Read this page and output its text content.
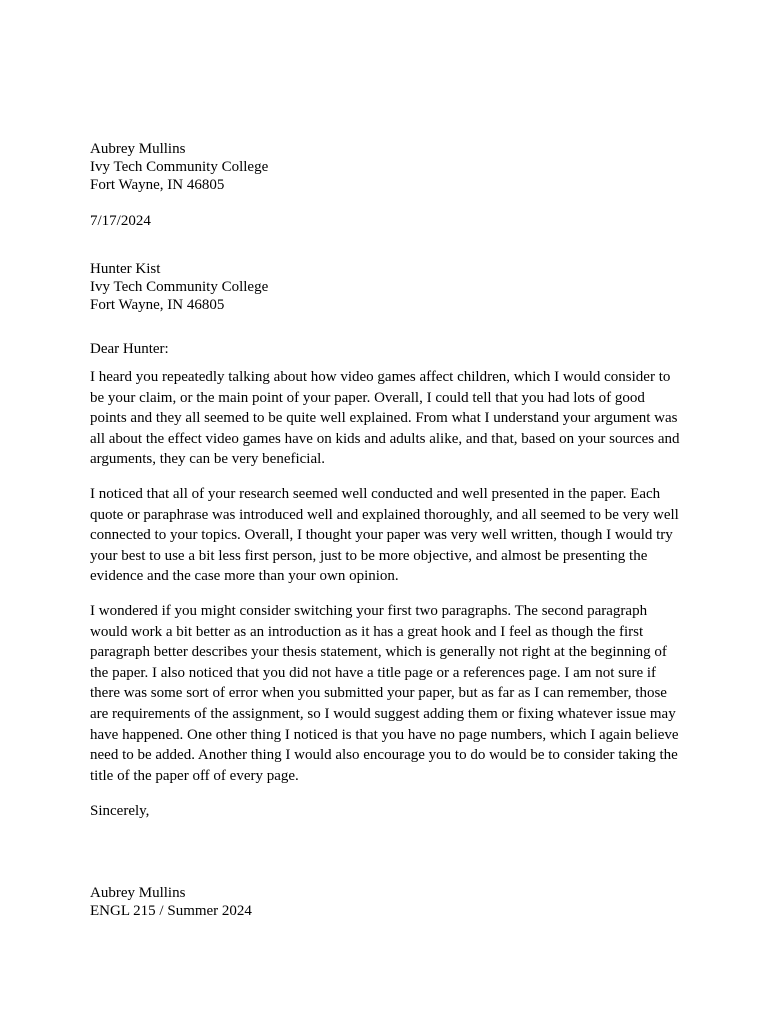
Aubrey Mullins
Ivy Tech Community College
Fort Wayne, IN 46805
7/17/2024
Hunter Kist
Ivy Tech Community College
Fort Wayne, IN 46805
Dear Hunter:

I heard you repeatedly talking about how video games affect children, which I would consider to be your claim, or the main point of your paper. Overall, I could tell that you had lots of good points and they all seemed to be quite well explained. From what I understand your argument was all about the effect video games have on kids and adults alike, and that, based on your sources and arguments, they can be very beneficial.

I noticed that all of your research seemed well conducted and well presented in the paper. Each quote or paraphrase was introduced well and explained thoroughly, and all seemed to be very well connected to your topics. Overall, I thought your paper was very well written, though I would try your best to use a bit less first person, just to be more objective, and almost be presenting the evidence and the case more than your own opinion.

I wondered if you might consider switching your first two paragraphs. The second paragraph would work a bit better as an introduction as it has a great hook and I feel as though the first paragraph better describes your thesis statement, which is generally not right at the beginning of the paper. I also noticed that you did not have a title page or a references page. I am not sure if there was some sort of error when you submitted your paper, but as far as I can remember, those are requirements of the assignment, so I would suggest adding them or fixing whatever issue may have happened. One other thing I noticed is that you have no page numbers, which I again believe need to be added. Another thing I would also encourage you to do would be to consider taking the title of the paper off of every page.

Sincerely,
Aubrey Mullins
ENGL 215 / Summer 2024
